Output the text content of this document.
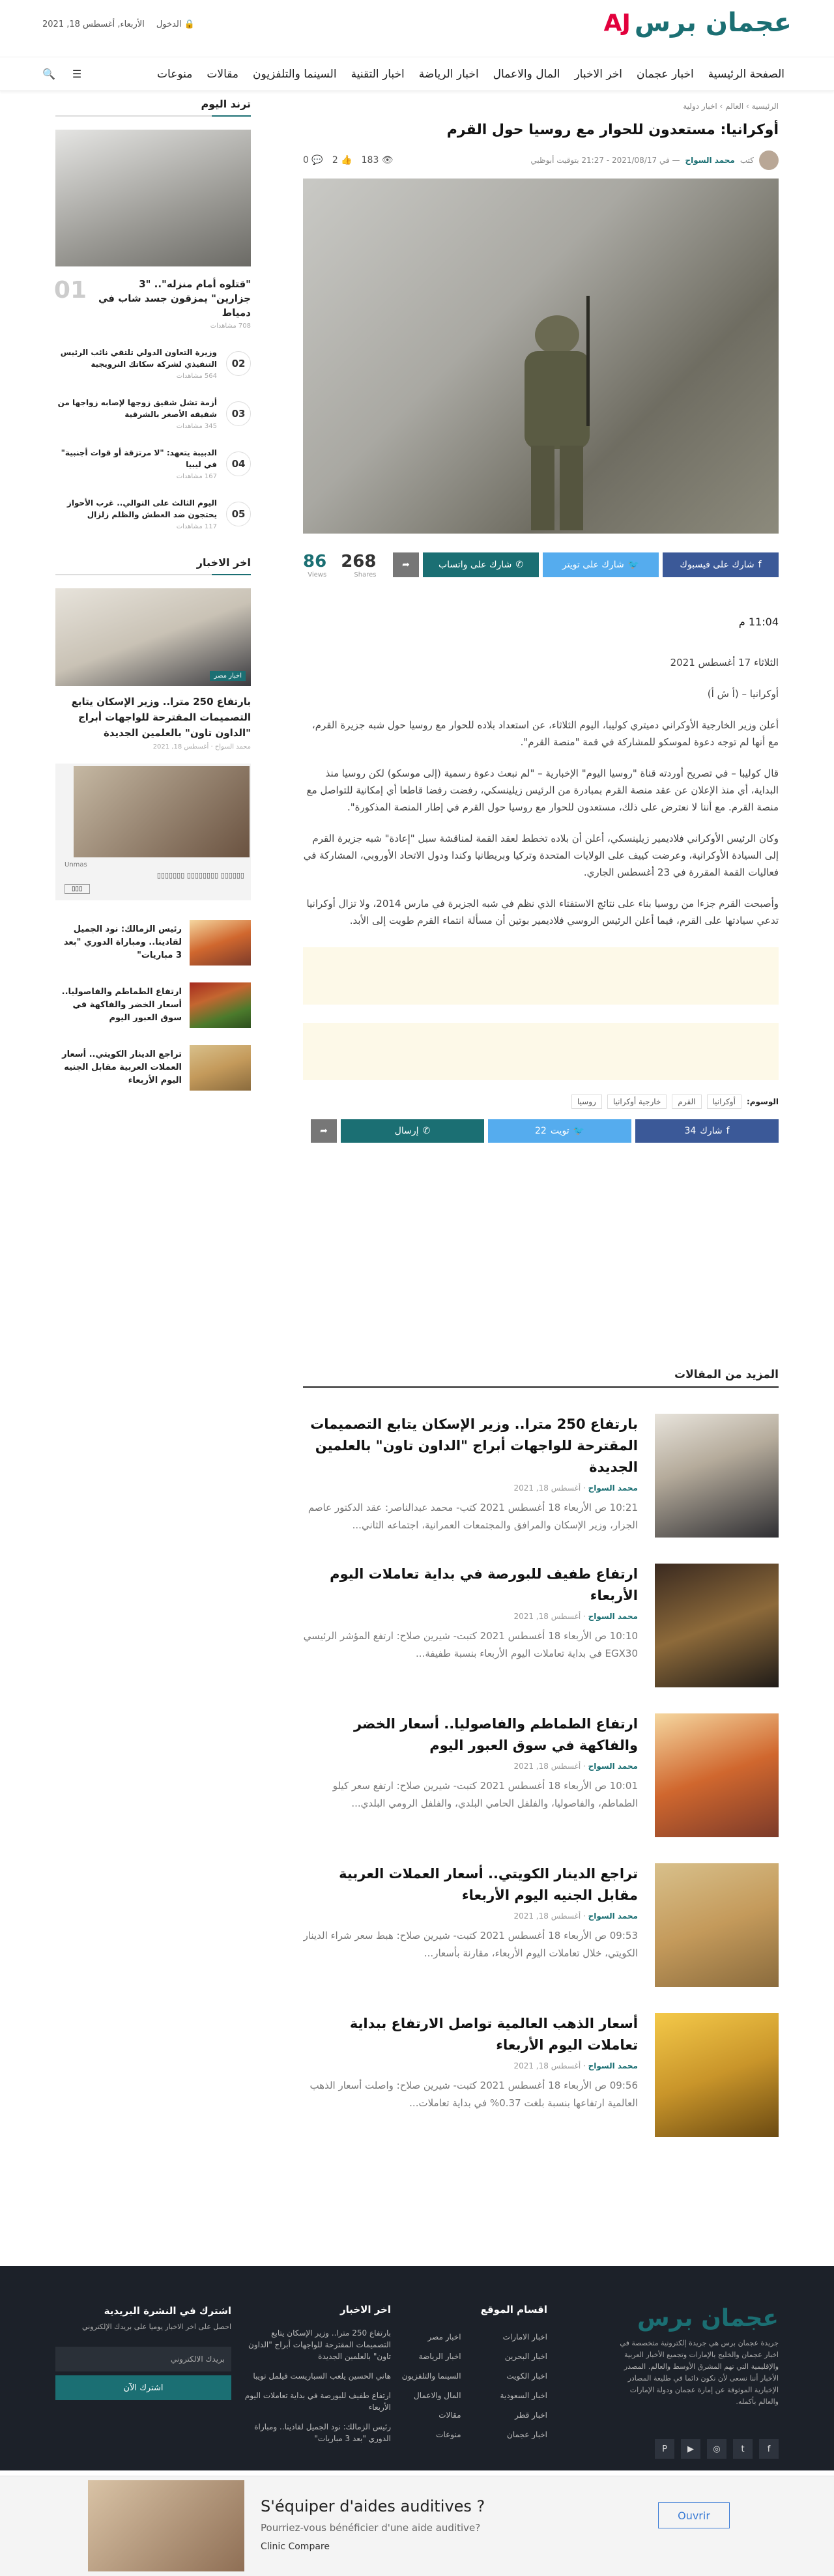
عجمان برس
AJ
🔒 الدخول
الأربعاء, أغسطس 18, 2021
الصفحة الرئيسية
اخبار عجمان
اخر الاخبار
المال والاعمال
اخبار الرياضة
اخبار التقنية
السينما والتلفزيون
مقالات
منوعات
☰
🔍
الرئيسية › العالم › اخبار دولية
أوكرانيا: مستعدون للحوار مع روسيا حول القرم
كتب
محمد السواح
— في 2021/08/17 - 21:27 بتوقيت أبوظبي
👁 183
👍 2
💬 0
f
شارك على فيسبوك
🐦
شارك على تويتر
✆
شارك على واتساب
➦
268
Shares
86
Views
11:04 م

الثلاثاء 17 أغسطس 2021

أوكرانيا – (أ ش أ)

أعلن وزير الخارجية الأوكراني دميتري كوليبا، اليوم الثلاثاء، عن استعداد بلاده للحوار مع روسيا حول شبه جزيرة القرم، مع أنها لم توجه دعوة لموسكو للمشاركة في قمة "منصة القرم".

قال كوليبا – في تصريح أوردته قناة "روسيا اليوم" الإخبارية – "لم نبعث دعوة رسمية (إلى موسكو) لكن روسيا منذ البداية، أي منذ الإعلان عن عقد منصة القرم بمبادرة من الرئيس زيلينسكي، رفضت رفضا قاطعا أي إمكانية للتواصل مع منصة القرم. مع أننا لا نعترض على ذلك، مستعدون للحوار مع روسيا حول القرم في إطار المنصة المذكورة".

وكان الرئيس الأوكراني فلاديمير زيلينسكي، أعلن أن بلاده تخطط لعقد القمة لمناقشة سبل "إعادة" شبه جزيرة القرم إلى السيادة الأوكرانية، وعرضت كييف على الولايات المتحدة وتركيا وبريطانيا وكندا ودول الاتحاد الأوروبي، المشاركة في فعاليات القمة المقررة في 23 أغسطس الجاري.

وأصبحت القرم جزءا من روسيا بناء على نتائج الاستفتاء الذي نظم في شبه الجزيرة في مارس 2014، ولا تزال أوكرانيا تدعي سيادتها على القرم، فيما أعلن الرئيس الروسي فلاديمير بوتين أن مسألة انتماء القرم طويت إلى الأبد.

الوسوم:
أوكرانيا
القرم
خارجية أوكرانيا
روسيا
f
شارك
34
🐦
تويت
22
✆
إرسال
➦
المزيد من المقالات
بارتفاع 250 مترا.. وزير الإسكان يتابع التصميمات المقترحة للواجهات أبراج "الداون تاون" بالعلمين الجديدة
محمد السواح · أغسطس 18, 2021

10:21 ص الأربعاء 18 أغسطس 2021 كتب- محمد عبدالناصر: عقد الدكتور عاصم الجزار، وزير الإسكان والمرافق والمجتمعات العمرانية، اجتماعه الثاني...

ارتفاع طفيف للبورصة في بداية تعاملات اليوم الأربعاء
محمد السواح · أغسطس 18, 2021

10:10 ص الأربعاء 18 أغسطس 2021 كتبت- شيرين صلاح: ارتفع المؤشر الرئيسي EGX30 في بداية تعاملات اليوم الأربعاء بنسبة طفيفة...

ارتفاع الطماطم والفاصوليا.. أسعار الخضر والفاكهة في سوق العبور اليوم
محمد السواح · أغسطس 18, 2021

10:01 ص الأربعاء 18 أغسطس 2021 كتبت- شيرين صلاح: ارتفع سعر كيلو الطماطم، والفاصوليا، والفلفل الحامي البلدي، والفلفل الرومي البلدي...

تراجع الدينار الكويتي.. أسعار العملات العربية مقابل الجنيه اليوم الأربعاء
محمد السواح · أغسطس 18, 2021

09:53 ص الأربعاء 18 أغسطس 2021 كتبت- شيرين صلاح: هبط سعر شراء الدينار الكويتي، خلال تعاملات اليوم الأربعاء، مقارنة بأسعار...

أسعار الذهب العالمية تواصل الارتفاع ببداية تعاملات اليوم الأربعاء
محمد السواح · أغسطس 18, 2021

09:56 ص الأربعاء 18 أغسطس 2021 كتبت- شيرين صلاح: واصلت أسعار الذهب العالمية ارتفاعها بنسبة بلغت 0.37% في بداية تعاملات...

ترند اليوم
"قتلوه أمام منزله".. "3 جزارين" يمزقون جسد شاب في دمياط
708 مشاهدات
01
02
وزيرة التعاون الدولي تلتقي نائب الرئيس التنفيذي لشركة سكاتك النرويجية
564 مشاهدات
03
أزمة تشل شقيق زوجها لإصابه زواجها من شقيقه الأصغر بالشرقية
345 مشاهدات
04
الدبيبة يتعهد: "لا مرتزقة أو قوات أجنبية" في ليبيا
167 مشاهدات
05
اليوم الثالث على التوالي.. غرب الأحواز يحتجون ضد العطش والظلم زلزال
117 مشاهدات
اخر الاخبار
اخبار مصر
بارتفاع 250 مترا.. وزير الإسكان يتابع التصميمات المقترحة للواجهات أبراج "الداون تاون" بالعلمين الجديدة
محمد السواح · أغسطس 18, 2021
Unmas
▯▯▯▯▯▯ ▯▯▯▯▯▯▯▯ ▯▯▯▯▯▯▯
▯▯▯
رئيس الزمالك: نود الجميل لقادينا.. ومباراة الدوري "بعد 3 مباريات"
ارتفاع الطماطم والفاصوليا.. أسعار الخضر والفاكهة في سوق العبور اليوم
تراجع الدينار الكويتي.. أسعار العملات العربية مقابل الجنيه اليوم الأربعاء
عجمان برس
جريدة عجمان برس هي جريدة إلكترونية متخصصة في اخبار عجمان والخليج بالإمارات وتجميع الأخبار العربية والإقليمية التي تهم المشرق الأوسط والعالم. المصدر الأخبار أننا نسعى لأن نكون دائما في طليعة المصادر الإخبارية الموثوقة عن إمارة عجمان ودولة الإمارات والعالم بأكمله.
f
t
◎
▶
P
اقسام الموقع
اخبار الامارات
اخبار البحرين
اخبار الكويت
اخبار السعودية
اخبار قطر
اخبار عجمان
اخبار مصر
اخبار الرياضة
السينما والتلفزيون
المال والاعمال
مقالات
منوعات
اخر الاخبار
بارتفاع 250 مترا.. وزير الإسكان يتابع التصميمات المقترحة للواجهات أبراج "الداون تاون" بالعلمين الجديدة
هاني الحسين يلعب السباريست فيلمل تويبا
ارتفاع طفيف للبورصة في بداية تعاملات اليوم الأربعاء
رئيس الزمالك: نود الجميل لقادينا.. ومباراة الدوري "بعد 3 مباريات"
اشترك في النشرة البريدية

احصل على اخر الاخبار يوميا على بريدك الإلكتروني

بريدك الالكتروني
اشترك الآن
S'équiper d'aides auditives ?
Pourriez-vous bénéficier d'une aide auditive?
Clinic Compare
Ouvrir
